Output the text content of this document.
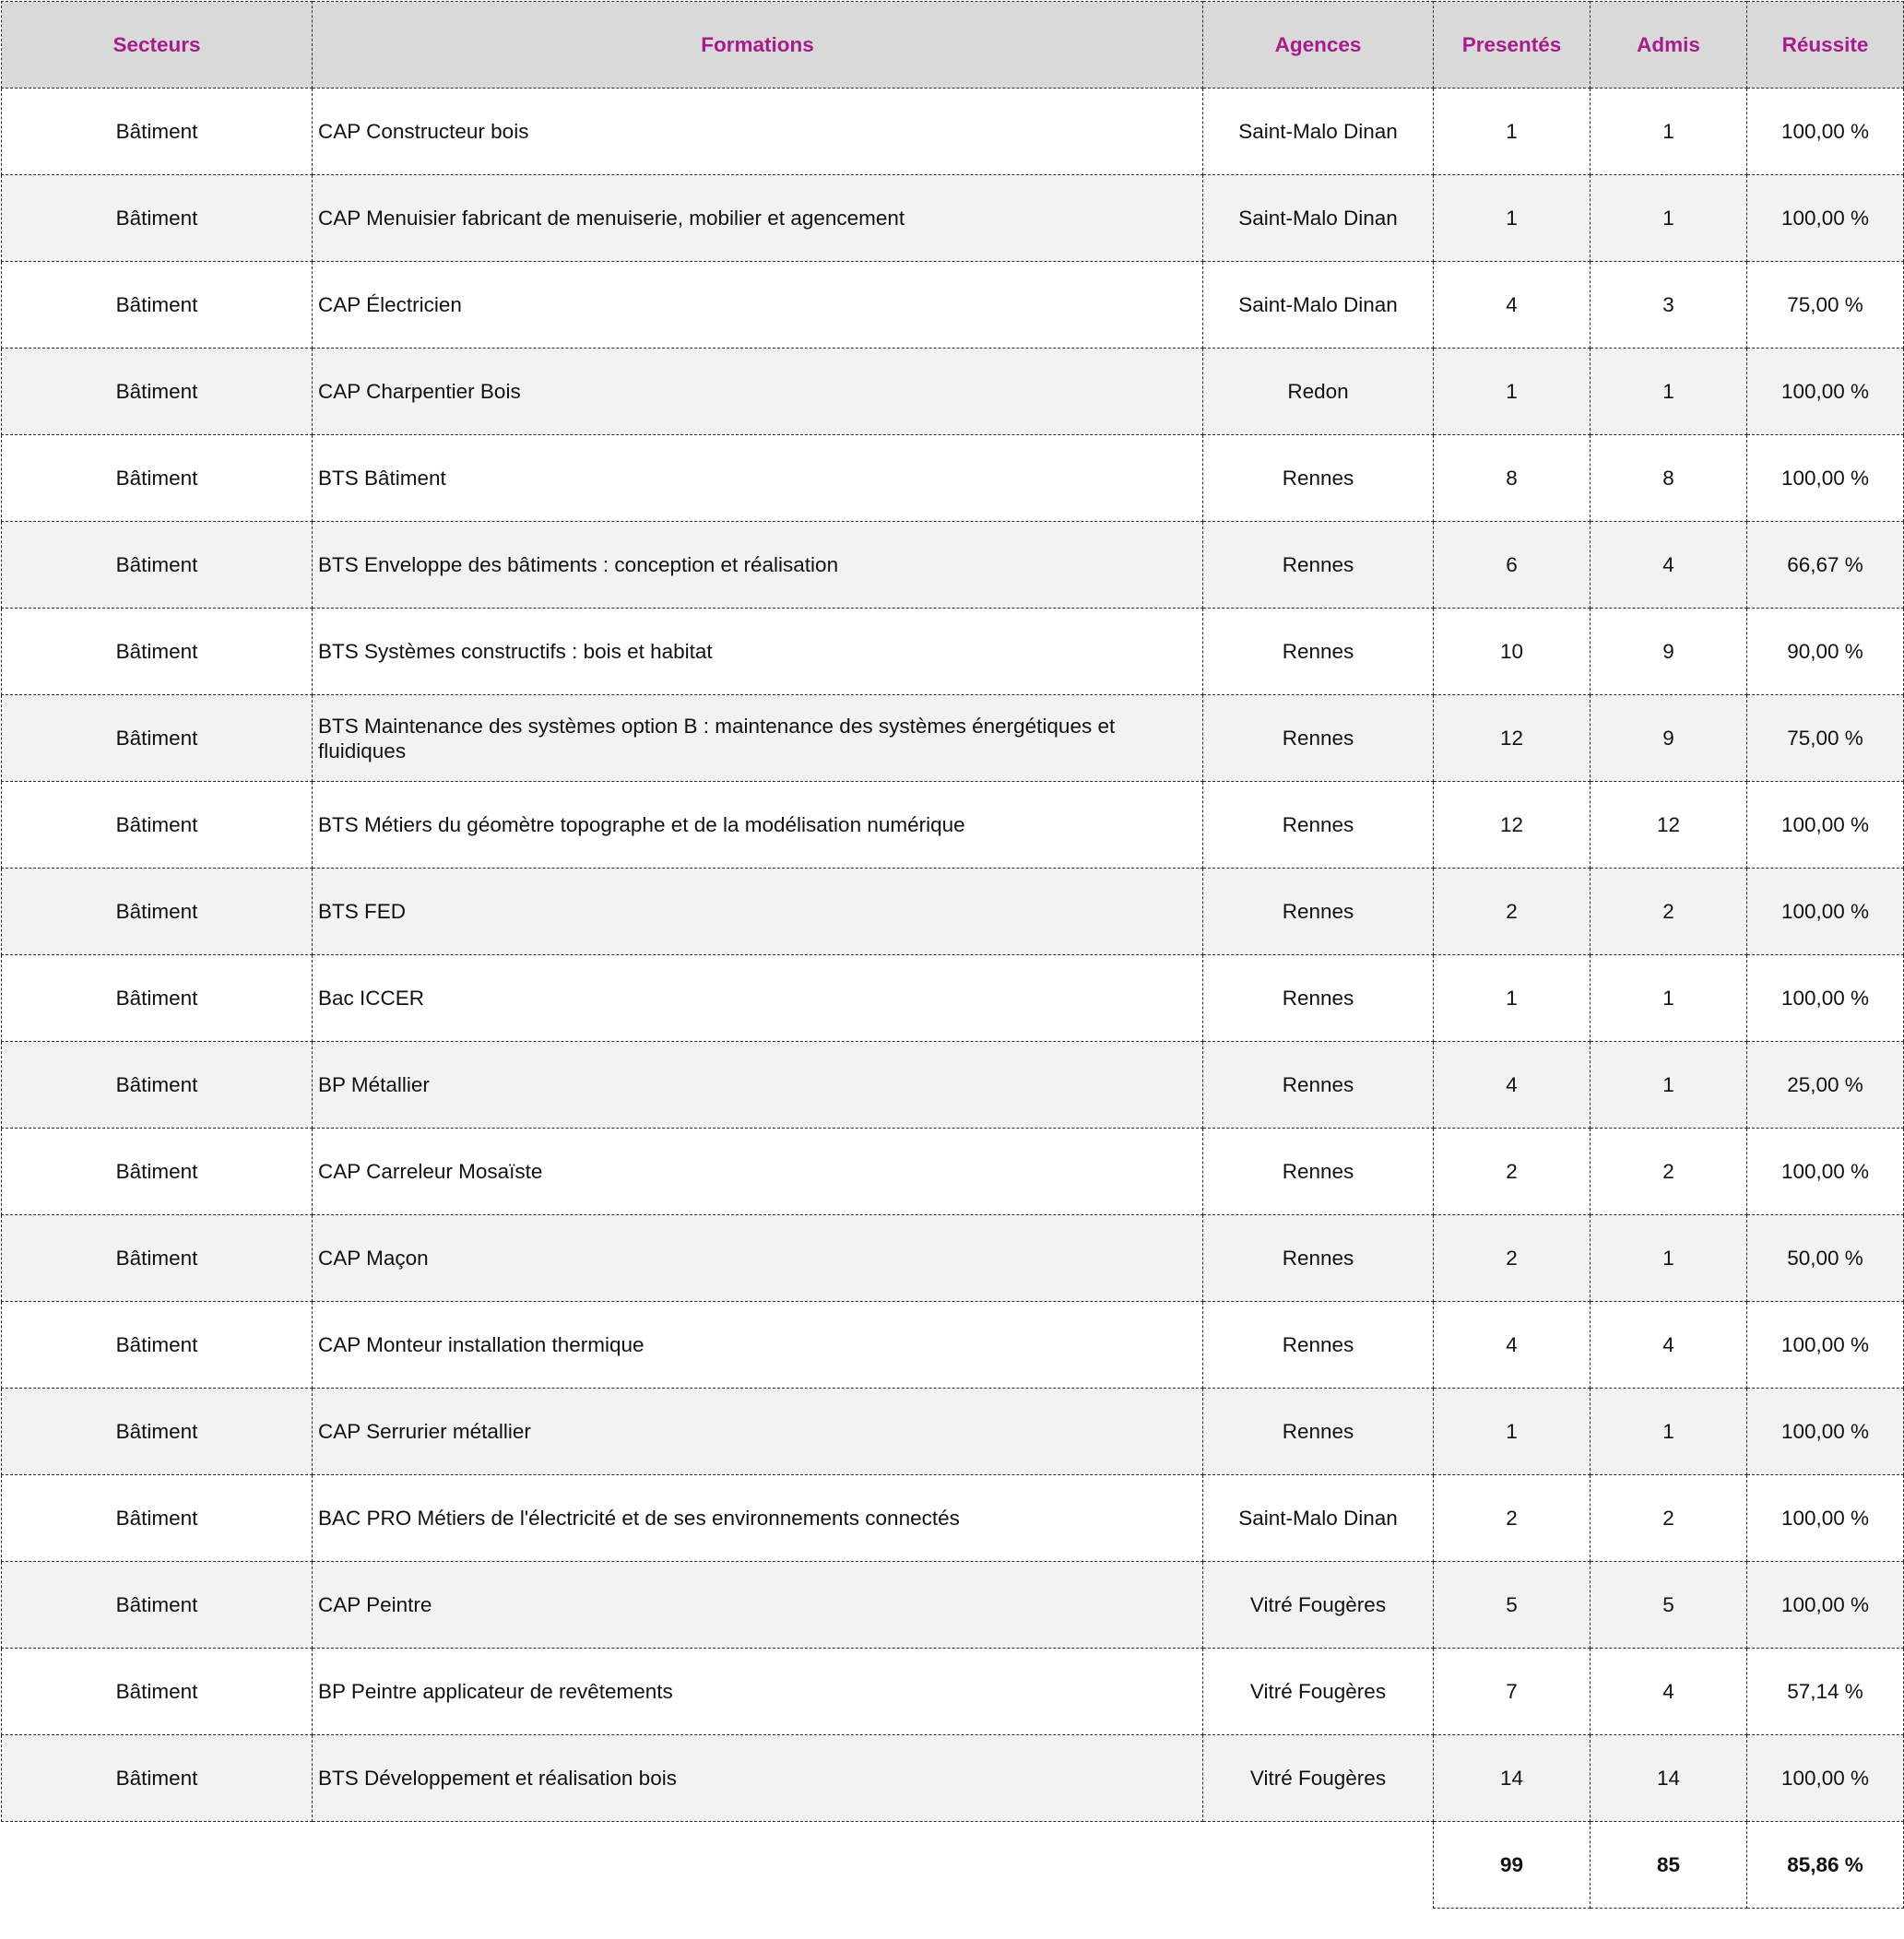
Secteurs	Formations	Agences	Presentés	Admis	Réussite
Bâtiment	CAP Constructeur bois	Saint-Malo Dinan	1	1	100,00 %
Bâtiment	CAP Menuisier fabricant de menuiserie, mobilier et agencement	Saint-Malo Dinan	1	1	100,00 %
Bâtiment	CAP Électricien	Saint-Malo Dinan	4	3	75,00 %
Bâtiment	CAP Charpentier Bois	Redon	1	1	100,00 %
Bâtiment	BTS Bâtiment	Rennes	8	8	100,00 %
Bâtiment	BTS Enveloppe des bâtiments : conception et réalisation	Rennes	6	4	66,67 %
Bâtiment	BTS Systèmes constructifs : bois et habitat	Rennes	10	9	90,00 %
Bâtiment	BTS Maintenance des systèmes option B : maintenance des systèmes énergétiques et fluidiques	Rennes	12	9	75,00 %
Bâtiment	BTS Métiers du géomètre topographe et de la modélisation numérique	Rennes	12	12	100,00 %
Bâtiment	BTS FED	Rennes	2	2	100,00 %
Bâtiment	Bac ICCER	Rennes	1	1	100,00 %
Bâtiment	BP Métallier	Rennes	4	1	25,00 %
Bâtiment	CAP Carreleur Mosaïste	Rennes	2	2	100,00 %
Bâtiment	CAP Maçon	Rennes	2	1	50,00 %
Bâtiment	CAP Monteur installation thermique	Rennes	4	4	100,00 %
Bâtiment	CAP Serrurier métallier	Rennes	1	1	100,00 %
Bâtiment	BAC PRO Métiers de l'électricité et de ses environnements connectés	Saint-Malo Dinan	2	2	100,00 %
Bâtiment	CAP Peintre	Vitré Fougères	5	5	100,00 %
Bâtiment	BP Peintre applicateur de revêtements	Vitré Fougères	7	4	57,14 %
Bâtiment	BTS Développement et réalisation bois	Vitré Fougères	14	14	100,00 %
			99	85	85,86 %
